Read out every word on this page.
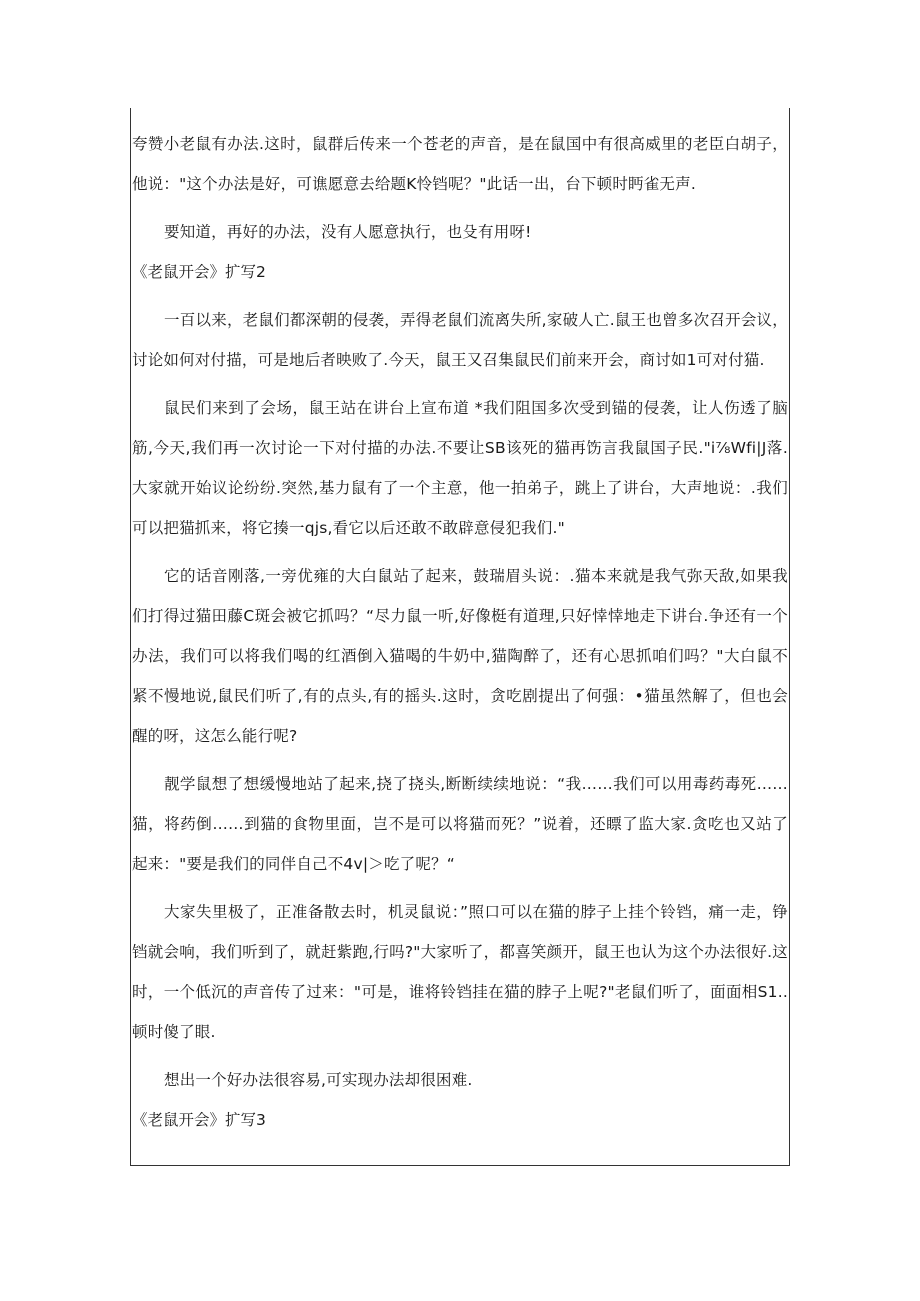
夸赞小老鼠有办法.这时，鼠群后传来一个苍老的声音，是在鼠国中有很高威里的老臣白胡子，他说："这个办法是好，可谯愿意去给题K怜铛呢？"此话一出，台下顿时眄雀无声.

要知道，再好的办法，没有人愿意执行，也殳有用呀!

《老鼠开会》扩写2

一百以来，老鼠们都深朝的侵袭，弄得老鼠们流离失所,家破人亡.鼠王也曾多次召开会议，讨论如何对付描，可是地后者映败了.今天，鼠王又召集鼠民们前来开会，商讨如1可对付猫.

鼠民们来到了会场，鼠王站在讲台上宣布道 *我们阻国多次受到锚的侵袭，让人伤透了脑筋,今天,我们再一次讨论一下对付描的办法.不要让SB该死的猫再饬言我鼠国子民."i⅞Wfi|J落.大家就开始议论纷纷.突然,基力鼠有了一个主意，他一拍弟子，跳上了讲台，大声地说：.我们可以把猫抓来，将它揍一qjs,看它以后还敢不敢辟意侵犯我们."

它的话音刚落,一旁优雍的大白鼠站了起来，鼓瑞眉头说：.猫本来就是我气弥天敌,如果我们打得过猫田藤C斑会被它抓吗？“尽力鼠一听,好像梃有道理,只好悻悻地走下讲台.争还有一个办法，我们可以将我们喝的红酒倒入猫喝的牛奶中,猫陶醉了，还有心思抓咱们吗？"大白鼠不紧不慢地说,鼠民们听了,有的点头,有的摇头.这时，贪吃剧提出了何强：•猫虽然解了，但也会醒的呀，这怎么能行呢?

靓学鼠想了想缓慢地站了起来,挠了挠头,断断续续地说：“我……我们可以用毒药毒死……猫，将药倒……到猫的食物里面，岂不是可以将猫而死？”说着，还瞟了监大家.贪吃也又站了起来："要是我们的同伴自己不4v|＞吃了呢？“

大家失里极了，正准备散去时，机灵鼠说：”照口可以在猫的脖子上挂个铃铛，痛一走，铮铛就会响，我们听到了，就赶紫跑,行吗?"大家听了，都喜笑颜开，鼠王也认为这个办法很好.这时，一个低沉的声音传了过来："可是，谁将铃铛挂在猫的脖子上呢?"老鼠们听了，面面相S1..顿时傻了眼.

想出一个好办法很容易,可实现办法却很困难.

《老鼠开会》扩写3
